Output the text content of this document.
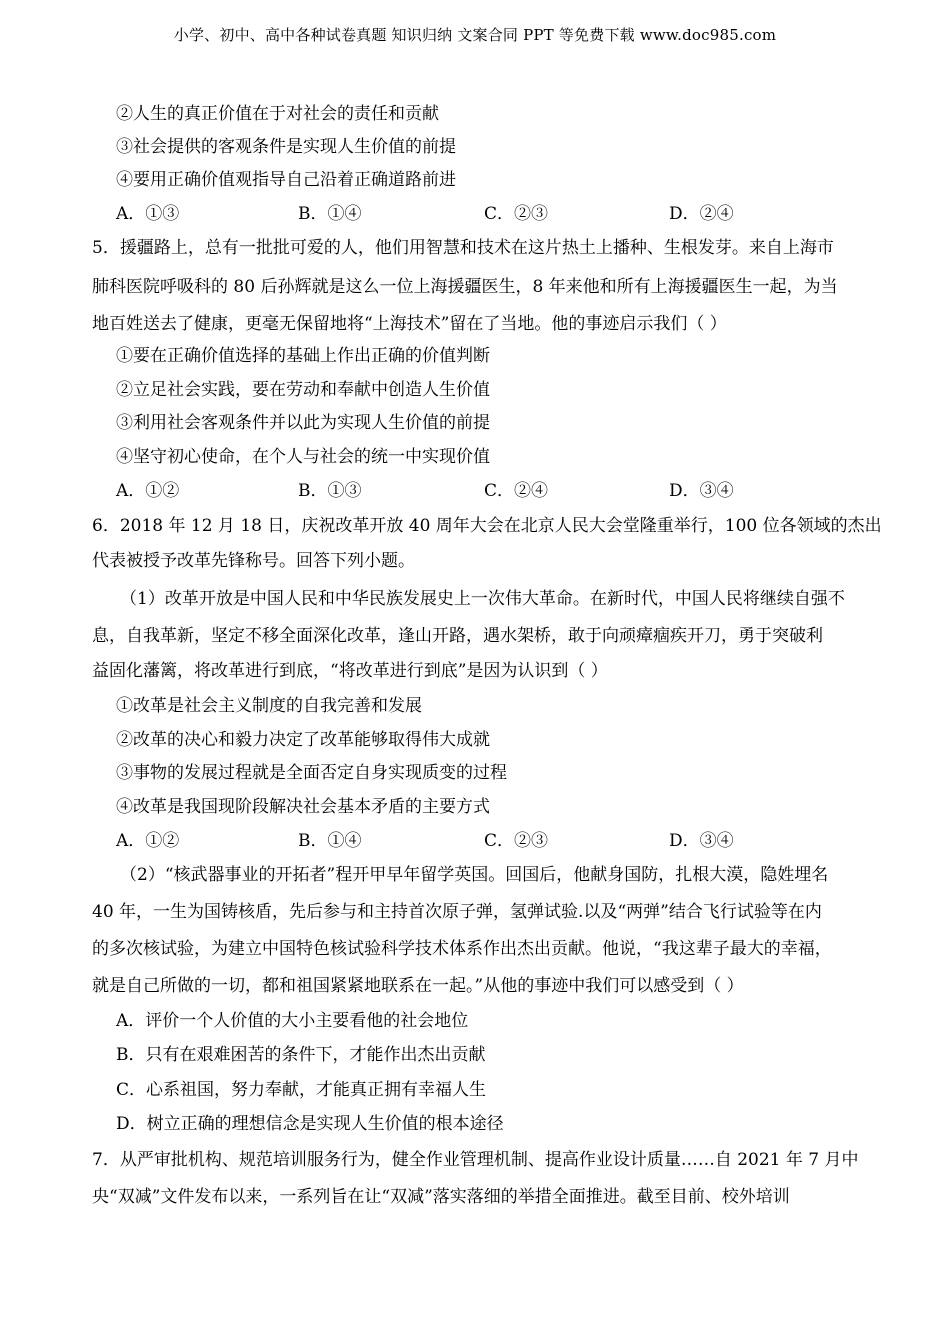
小学、初中、高中各种试卷真题 知识归纳 文案合同 PPT 等免费下载 www.doc985.com
②人生的真正价值在于对社会的责任和贡献
③社会提供的客观条件是实现人生价值的前提
④要用正确价值观指导自己沿着正确道路前进
A．①③	B．①④	C．②③	D．②④
5．援疆路上，总有一批批可爱的人，他们用智慧和技术在这片热土上播种、生根发芽。来自上海市
肺科医院呼吸科的 80 后孙辉就是这么一位上海援疆医生，8 年来他和所有上海援疆医生一起，为当
地百姓送去了健康，更毫无保留地将“上海技术”留在了当地。他的事迹启示我们（ ）
①要在正确价值选择的基础上作出正确的价值判断
②立足社会实践，要在劳动和奉献中创造人生价值
③利用社会客观条件并以此为实现人生价值的前提
④坚守初心使命，在个人与社会的统一中实现价值
A．①②	B．①③	C．②④	D．③④
6．2018 年 12 月 18 日，庆祝改革开放 40 周年大会在北京人民大会堂隆重举行，100 位各领域的杰出
代表被授予改革先锋称号。回答下列小题。
（1）改革开放是中国人民和中华民族发展史上一次伟大革命。在新时代，中国人民将继续自强不
息，自我革新，坚定不移全面深化改革，逢山开路，遇水架桥，敢于向顽瘴痼疾开刀，勇于突破利
益固化藩篱，将改革进行到底，“将改革进行到底”是因为认识到（ ）
①改革是社会主义制度的自我完善和发展
②改革的决心和毅力决定了改革能够取得伟大成就
③事物的发展过程就是全面否定自身实现质变的过程
④改革是我国现阶段解决社会基本矛盾的主要方式
A．①②	B．①④	C．②③	D．③④
（2）“核武器事业的开拓者”程开甲早年留学英国。回国后，他献身国防，扎根大漠，隐姓埋名
40 年，一生为国铸核盾，先后参与和主持首次原子弹，氢弹试验.以及“两弹”结合飞行试验等在内
的多次核试验，为建立中国特色核试验科学技术体系作出杰出贡献。他说，“我这辈子最大的幸福，
就是自己所做的一切，都和祖国紧紧地联系在一起。”从他的事迹中我们可以感受到（ ）
A．评价一个人价值的大小主要看他的社会地位
B．只有在艰难困苦的条件下，才能作出杰出贡献
C．心系祖国，努力奉献，才能真正拥有幸福人生
D．树立正确的理想信念是实现人生价值的根本途径
7．从严审批机构、规范培训服务行为，健全作业管理机制、提高作业设计质量……自 2021 年 7 月中
央“双减”文件发布以来，一系列旨在让“双减”落实落细的举措全面推进。截至目前、校外培训
